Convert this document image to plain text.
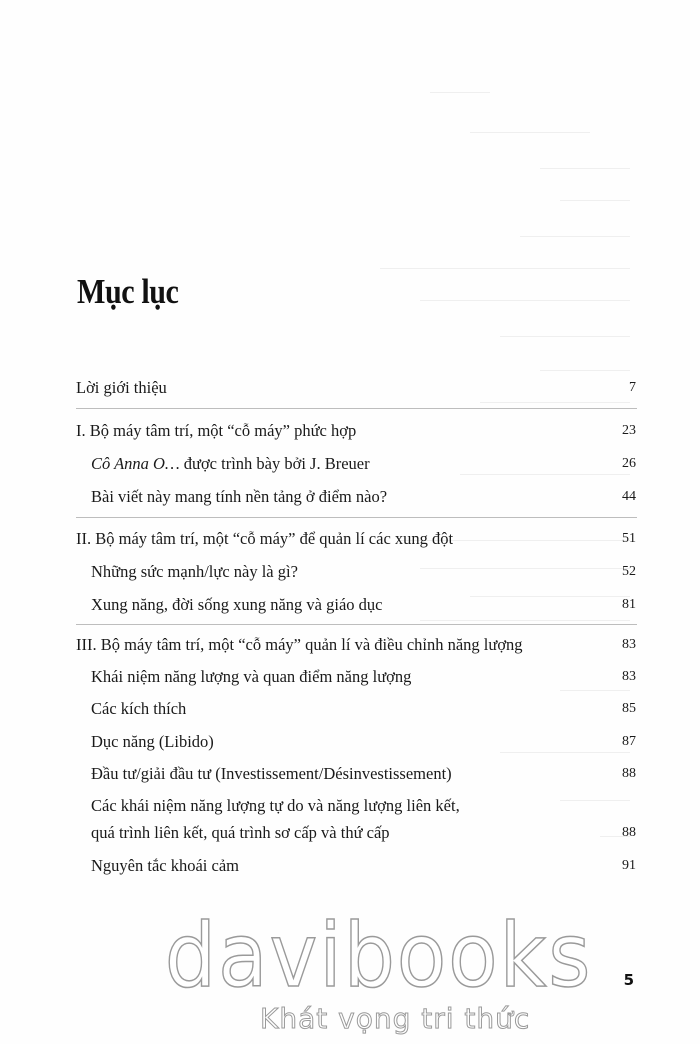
Mục lục
Lời giới thiệu	7
I. Bộ máy tâm trí, một “cỗ máy” phức hợp	23
Cô Anna O… được trình bày bởi J. Breuer	26
Bài viết này mang tính nền tảng ở điểm nào?	44
II. Bộ máy tâm trí, một “cỗ máy” để quản lí các xung đột	51
Những sức mạnh/lực này là gì?	52
Xung năng, đời sống xung năng và giáo dục	81
III. Bộ máy tâm trí, một “cỗ máy” quản lí và điều chỉnh năng lượng	83
Khái niệm năng lượng và quan điểm năng lượng	83
Các kích thích	85
Dục năng (Libido)	87
Đầu tư/giải đầu tư (Investissement/Désinvestissement)	88
Các khái niệm năng lượng tự do và năng lượng liên kết,
quá trình liên kết, quá trình sơ cấp và thứ cấp	88
Nguyên tắc khoái cảm	91
davibooks
Khát vọng tri thức
5
